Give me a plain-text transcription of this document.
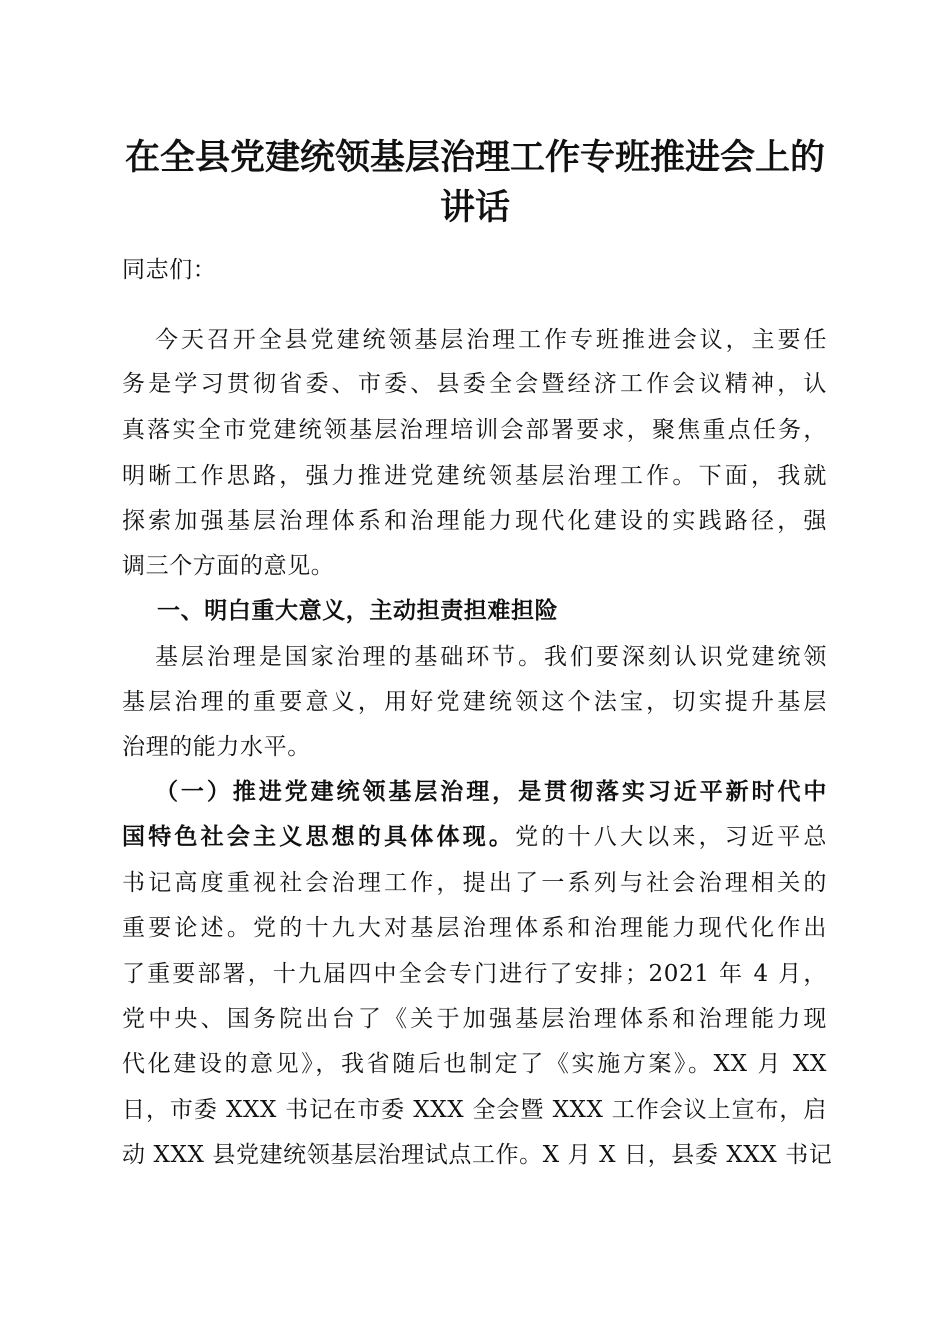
在全县党建统领基层治理工作专班推进会上的
讲话
同志们：
今天召开全县党建统领基层治理工作专班推进会议，主要任
务是学习贯彻省委、市委、县委全会暨经济工作会议精神，认
真落实全市党建统领基层治理培训会部署要求，聚焦重点任务，
明晰工作思路，强力推进党建统领基层治理工作。下面，我就
探索加强基层治理体系和治理能力现代化建设的实践路径，强
调三个方面的意见。
一、明白重大意义，主动担责担难担险
基层治理是国家治理的基础环节。我们要深刻认识党建统领
基层治理的重要意义，用好党建统领这个法宝，切实提升基层
治理的能力水平。
（一）推进党建统领基层治理，是贯彻落实习近平新时代中
国特色社会主义思想的具体体现。党的十八大以来，习近平总
书记高度重视社会治理工作，提出了一系列与社会治理相关的
重要论述。党的十九大对基层治理体系和治理能力现代化作出
了重要部署，十九届四中全会专门进行了安排；2021 年 4 月，
党中央、国务院出台了《关于加强基层治理体系和治理能力现
代化建设的意见》，我省随后也制定了《实施方案》。XX 月 XX
日，市委 XXX 书记在市委 XXX 全会暨 XXX 工作会议上宣布，启
动 XXX 县党建统领基层治理试点工作。X 月 X 日，县委 XXX 书记
